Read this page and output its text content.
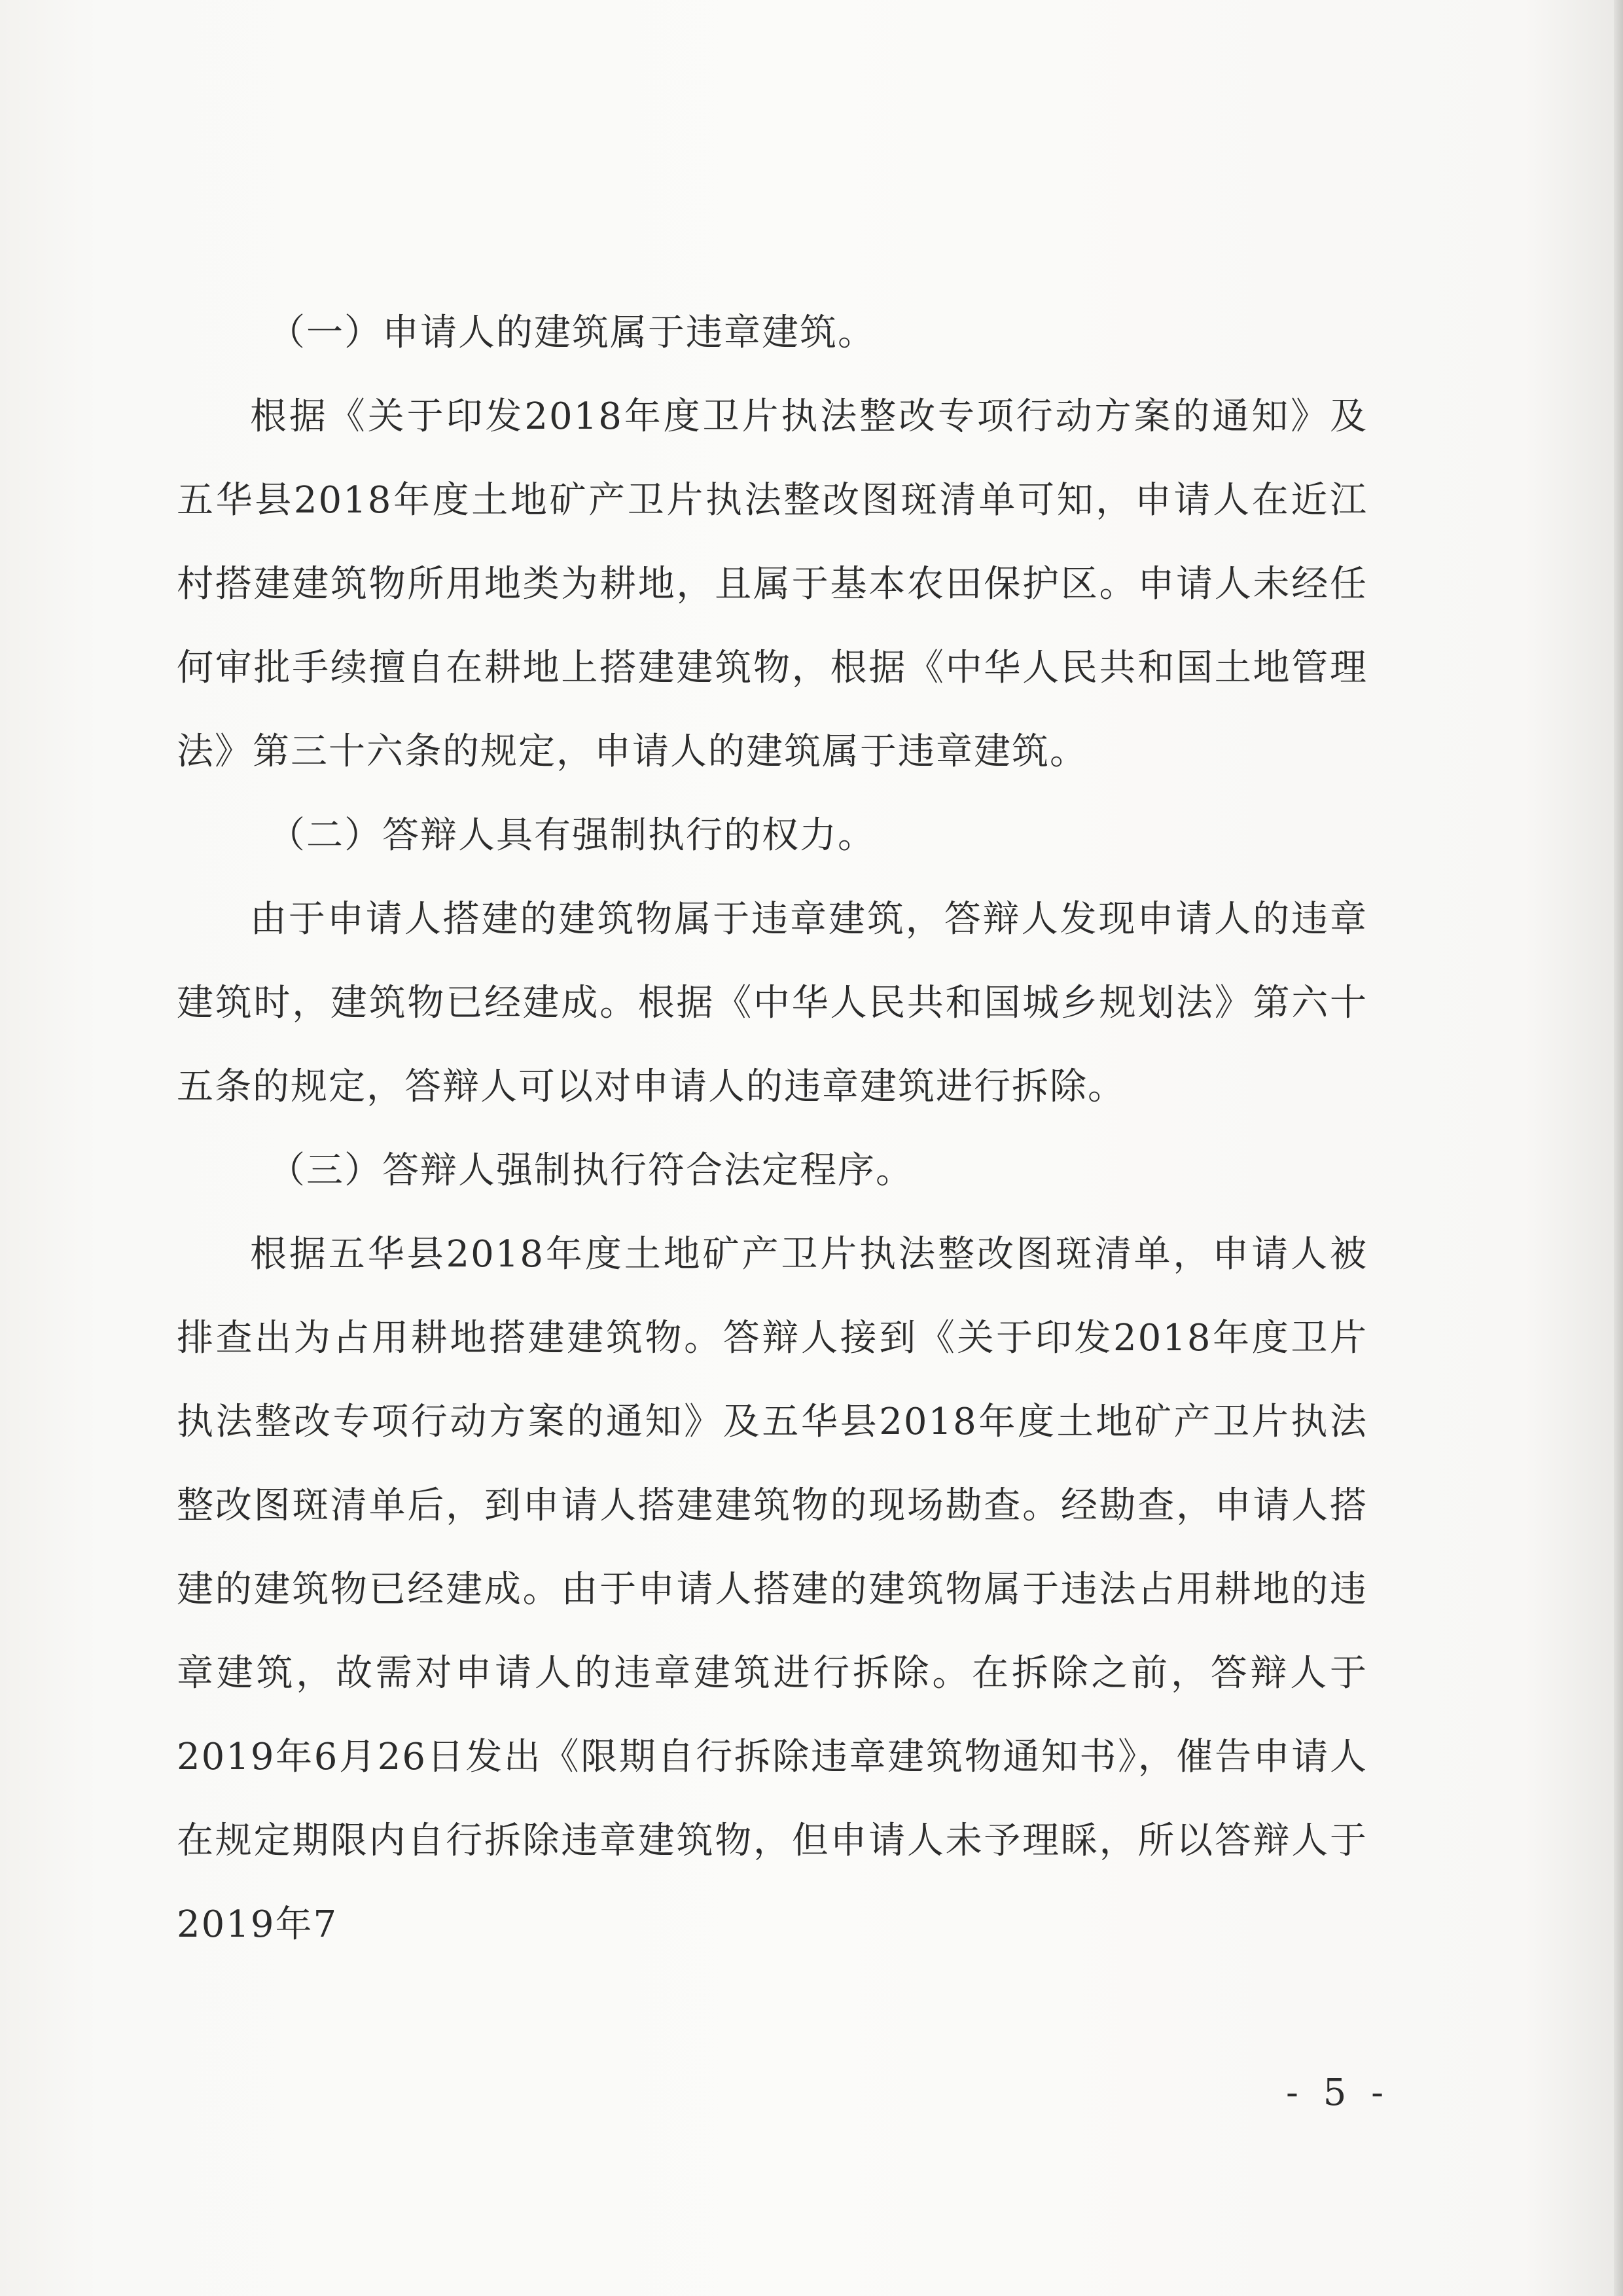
（一）申请人的建筑属于违章建筑。

根据《关于印发2018年度卫片执法整改专项行动方案的通知》及五华县2018年度土地矿产卫片执法整改图斑清单可知，申请人在近江村搭建建筑物所用地类为耕地，且属于基本农田保护区。申请人未经任何审批手续擅自在耕地上搭建建筑物，根据《中华人民共和国土地管理法》第三十六条的规定，申请人的建筑属于违章建筑。

（二）答辩人具有强制执行的权力。

由于申请人搭建的建筑物属于违章建筑，答辩人发现申请人的违章建筑时，建筑物已经建成。根据《中华人民共和国城乡规划法》第六十五条的规定，答辩人可以对申请人的违章建筑进行拆除。

（三）答辩人强制执行符合法定程序。

根据五华县2018年度土地矿产卫片执法整改图斑清单，申请人被排查出为占用耕地搭建建筑物。答辩人接到《关于印发2018年度卫片执法整改专项行动方案的通知》及五华县2018年度土地矿产卫片执法整改图斑清单后，到申请人搭建建筑物的现场勘查。经勘查，申请人搭建的建筑物已经建成。由于申请人搭建的建筑物属于违法占用耕地的违章建筑，故需对申请人的违章建筑进行拆除。在拆除之前，答辩人于2019年6月26日发出《限期自行拆除违章建筑物通知书》，催告申请人在规定期限内自行拆除违章建筑物，但申请人未予理睬，所以答辩人于2019年7

- 5 -
